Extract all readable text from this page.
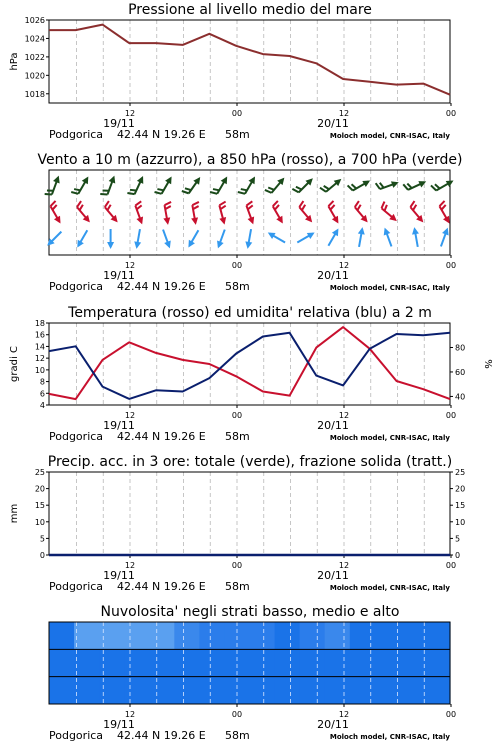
Pressione al livello medio del mare
12	00	12	00
19/11	20/11
Podgorica 42.44 N 19.26 E 58m	Moloch model, CNR-ISAC, Italy
1018
1020
1022
1024
1026
hPa
Vento a 10 m (azzurro), a 850 hPa (rosso), a 700 hPa (verde)
12	00	12	00
19/11	20/11
Podgorica 42.44 N 19.26 E 58m	Moloch model, CNR-ISAC, Italy
Temperatura (rosso) ed umidita' relativa (blu) a 2 m
12	00	12	00
19/11	20/11
Podgorica 42.44 N 19.26 E 58m	Moloch model, CNR-ISAC, Italy
4
6
8
10
12
14
16
18
40
60
80
gradi C	%
Precip. acc. in 3 ore: totale (verde), frazione solida (tratt.)
12	00	12	00
19/11	20/11
Podgorica 42.44 N 19.26 E 58m	Moloch model, CNR-ISAC, Italy
0
5
10
15
20
25
0
5
10
15
20
25
mm
Nuvolosita' negli strati basso, medio e alto
12	00	12	00
19/11	20/11
Podgorica 42.44 N 19.26 E 58m	Moloch model, CNR-ISAC, Italy
